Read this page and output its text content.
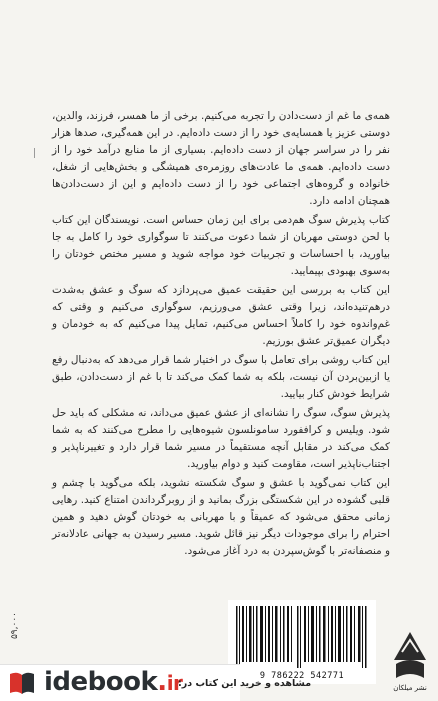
همه‌ی ما غم از دست‌دادن را تجربه می‌کنیم. برخی از ما همسر، فرزند، والدین، دوستی عزیز یا همسایه‌ی خود را از دست داده‌ایم. در این همه‌گیری، صدها هزار نفر را در سراسر جهان از دست داده‌ایم. بسیاری از ما منابع درآمد خود را از دست داده‌ایم. همه‌ی ما عادت‌های روزمره‌ی همیشگی و بخش‌هایی از شغل، خانواده و گروه‌های اجتماعی خود را از دست داده‌ایم و این از دست‌دادن‌ها همچنان ادامه دارد.

کتاب پذیرش سوگ هم‌دمی برای این زمان حساس است. نویسندگان این کتاب با لحن دوستی مهربان از شما دعوت می‌کنند تا سوگواری خود را کامل به جا بیاورید، با احساسات و تجربیات خود مواجه شوید و مسیر مختص خودتان را به‌سوی بهبودی بپیمایید.

این کتاب به بررسی این حقیقت عمیق می‌پردازد که سوگ و عشق به‌شدت درهم‌تنیده‌اند، زیرا وقتی عشق می‌ورزیم، سوگواری می‌کنیم و وقتی که غم‌واندوه خود را کاملاً احساس می‌کنیم، تمایل پیدا می‌کنیم که به خودمان و دیگران عمیق‌تر عشق بورزیم.

این کتاب روشی برای تعامل با سوگ در اختیار شما قرار می‌دهد که به‌دنبال رفع یا ازبین‌بردن آن نیست، بلکه به شما کمک می‌کند تا با غم از دست‌دادن، طبق شرایط خودش کنار بیایید.

پذیرش سوگ، سوگ را نشانه‌ای از عشق عمیق می‌داند، نه مشکلی که باید حل شود. ویلیس و کراففورد سامونلسون شیوه‌هایی را مطرح می‌کنند که به شما کمک می‌کند در مقابل آنچه مستقیماً در مسیر شما قرار دارد و تغییرناپذیر و اجتناب‌ناپذیر است، مقاومت کنید و دوام بیاورید.

این کتاب نمی‌گوید با عشق و سوگ شکسته نشوید، بلکه می‌گوید با چشم و قلبی گشوده در این شکستگی بزرگ بمانید و از روبرگرداندن امتناع کنید. رهایی زمانی محقق می‌شود که عمیقاً و با مهربانی به خودتان گوش دهید و همین احترام را برای موجودات دیگر نیز قائل شوید. مسیر رسیدن به جهانی عادلانه‌تر و منصفانه‌تر با گوش‌سپردن به درد آغاز می‌شود.

۵۹,۰۰۰
9 786222 542771
نشر میلکان
idebook.ir
مشاهده و خرید این کتاب در:
